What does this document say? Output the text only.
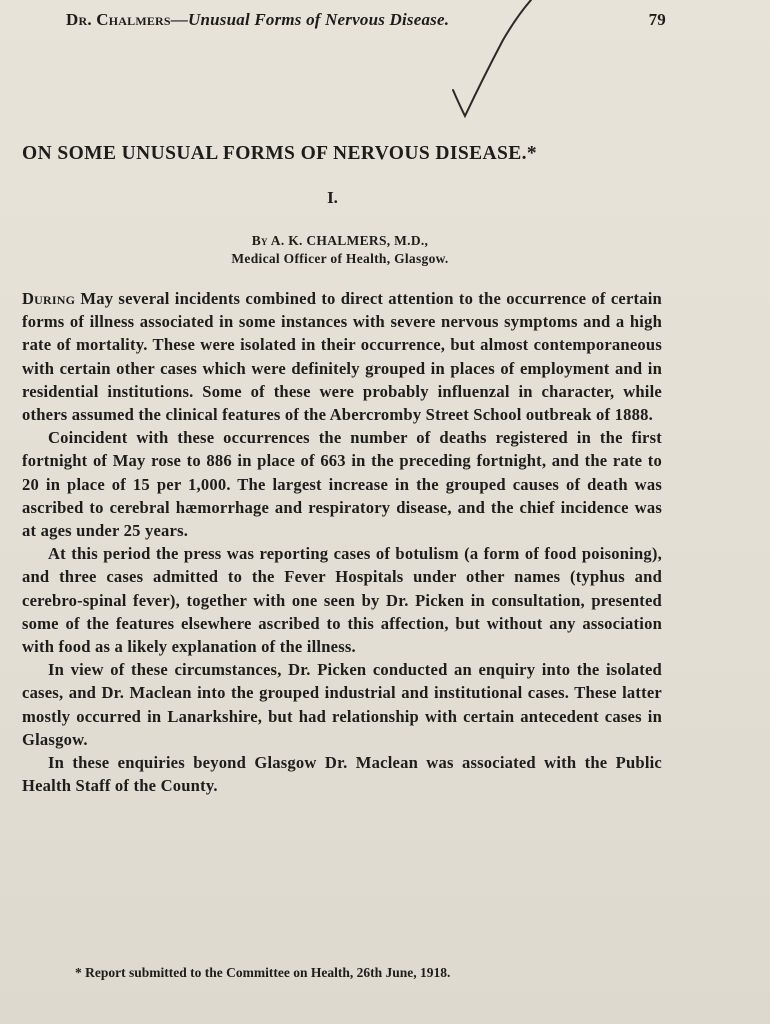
Dr. Chalmers—Unusual Forms of Nervous Disease.	79
ON SOME UNUSUAL FORMS OF NERVOUS DISEASE.*
I.
By A. K. CHALMERS, M.D.,
Medical Officer of Health, Glasgow.

During May several incidents combined to direct attention to the occurrence of certain forms of illness associated in some instances with severe nervous symptoms and a high rate of mortality. These were isolated in their occurrence, but almost contemporaneous with certain other cases which were definitely grouped in places of employment and in residential institutions. Some of these were probably influenzal in character, while others assumed the clinical features of the Abercromby Street School outbreak of 1888.

Coincident with these occurrences the number of deaths registered in the first fortnight of May rose to 886 in place of 663 in the preceding fortnight, and the rate to 20 in place of 15 per 1,000. The largest increase in the grouped causes of death was ascribed to cerebral hæmorrhage and respiratory disease, and the chief incidence was at ages under 25 years.

At this period the press was reporting cases of botulism (a form of food poisoning), and three cases admitted to the Fever Hospitals under other names (typhus and cerebro-spinal fever), together with one seen by Dr. Picken in consultation, presented some of the features elsewhere ascribed to this affection, but without any association with food as a likely explanation of the illness.

In view of these circumstances, Dr. Picken conducted an enquiry into the isolated cases, and Dr. Maclean into the grouped industrial and institutional cases. These latter mostly occurred in Lanarkshire, but had relationship with certain antecedent cases in Glasgow.

In these enquiries beyond Glasgow Dr. Maclean was associated with the Public Health Staff of the County.

* Report submitted to the Committee on Health, 26th June, 1918.
